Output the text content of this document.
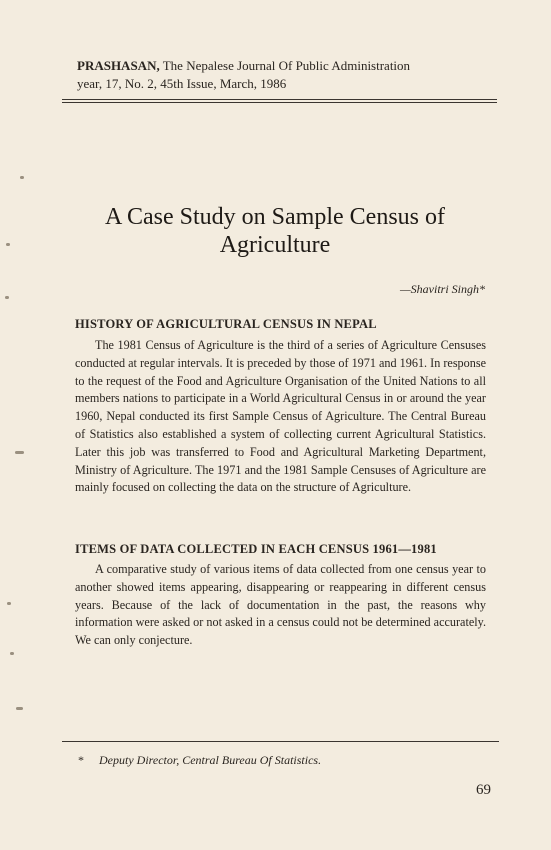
PRASHASAN, The Nepalese Journal Of Public Administration
year, 17, No. 2, 45th Issue, March, 1986
A Case Study on Sample Census of
Agriculture
—Shavitri Singh*
HISTORY OF AGRICULTURAL CENSUS IN NEPAL

The 1981 Census of Agriculture is the third of a series of Agriculture Censuses conducted at regular intervals. It is preceded by those of 1971 and 1961. In response to the request of the Food and Agriculture Organisation of the United Nations to all members nations to participate in a World Agricultural Census in or around the year 1960, Nepal conducted its first Sample Census of Agriculture. The Central Bureau of Statistics also established a system of collecting current Agricultural Statistics. Later this job was transferred to Food and Agricultural Marketing Department, Ministry of Agriculture. The 1971 and the 1981 Sample Censuses of Agriculture are mainly focused on collecting the data on the structure of Agriculture.

ITEMS OF DATA COLLECTED IN EACH CENSUS 1961—1981

A comparative study of various items of data collected from one census year to another showed items appearing, disappearing or reappearing in different census years. Because of the lack of documentation in the past, the reasons why information were asked or not asked in a census could not be determined accurately. We can only conjecture.

* Deputy Director, Central Bureau Of Statistics.
69
